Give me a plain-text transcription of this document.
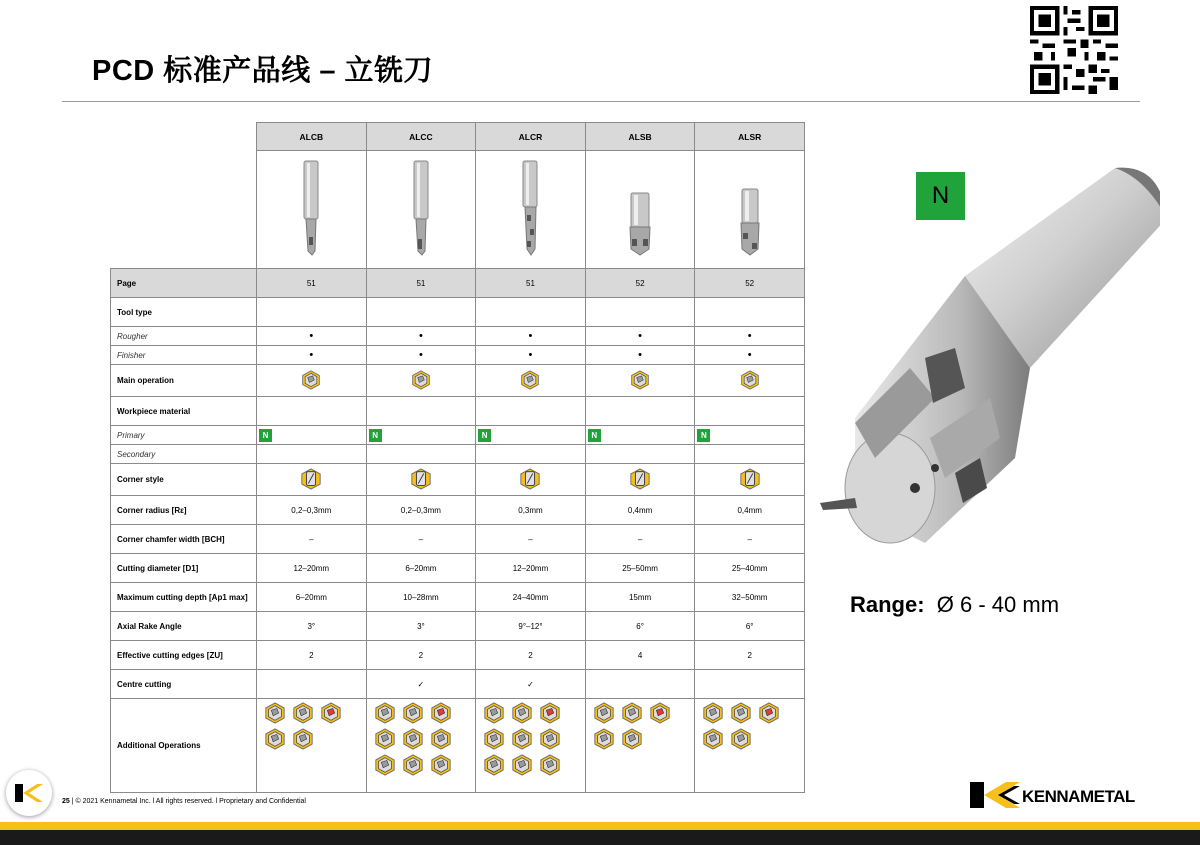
PCD 标准产品线 – 立铣刀
	ALCB	ALCC	ALCR	ALSB	ALSR

Page	51	51	51	52	52
Tool type					
Rougher	•	•	•	•	•
Finisher	•	•	•	•	•
Main operation					
Workpiece material					
Primary	N	N	N	N	N

Secondary					
Corner style					
Corner radius [Rε]	0,2–0,3mm	0,2–0,3mm	0,3mm	0,4mm	0,4mm
Corner chamfer width [BCH]	–	–	–	–	–
Cutting diameter [D1]	12–20mm	6–20mm	12–20mm	25–50mm	25–40mm
Maximum cutting depth [Ap1 max]	6–20mm	10–28mm	24–40mm	15mm	32–50mm
Axial Rake Angle	3°	3°	9°–12°	6°	6°
Effective cutting edges [ZU]	2	2	2	4	2
Centre cutting		✓	✓		
Additional Operations					
N
Range: Ø 6 - 40 mm
25 | © 2021 Kennametal Inc. l All rights reserved. l Proprietary and Confidential	KENNAMETAL
